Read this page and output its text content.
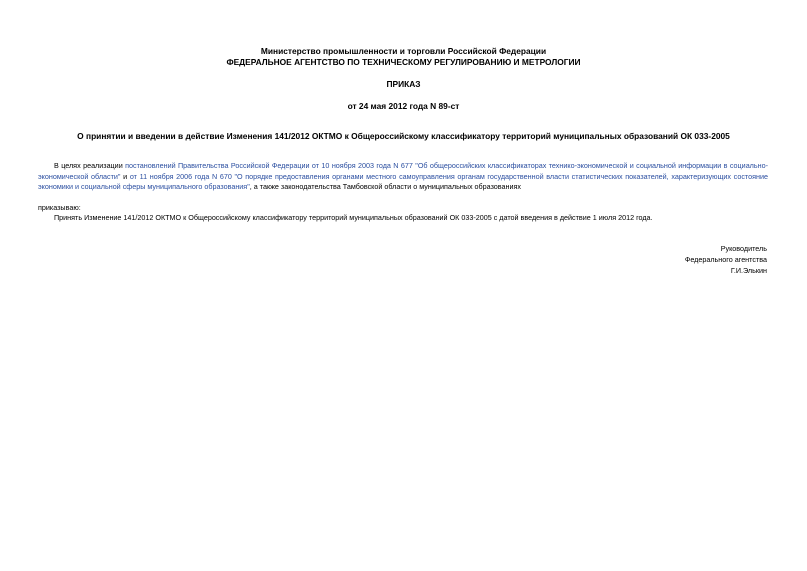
Министерство промышленности и торговли Российской Федерации
ФЕДЕРАЛЬНОЕ АГЕНТСТВО ПО ТЕХНИЧЕСКОМУ РЕГУЛИРОВАНИЮ И МЕТРОЛОГИИ
ПРИКАЗ
от 24 мая 2012 года N 89-ст
О принятии и введении в действие Изменения 141/2012 ОКТМО к Общероссийскому классификатору территорий муниципальных образований ОК 033-2005
В целях реализации постановлений Правительства Российской Федерации от 10 ноября 2003 года N 677 "Об общероссийских классификаторах технико-экономической и социальной информации в социально-экономической области" и от 11 ноября 2006 года N 670 "О порядке предоставления органами местного самоуправления органам государственной власти статистических показателей, характеризующих состояние экономики и социальной сферы муниципального образования", а также законодательства Тамбовской области о муниципальных образованиях
приказываю:
Принять Изменение 141/2012 ОКТМО к Общероссийскому классификатору территорий муниципальных образований ОК 033-2005 с датой введения в действие 1 июля 2012 года.
Руководитель
Федерального агентства
Г.И.Элькин
